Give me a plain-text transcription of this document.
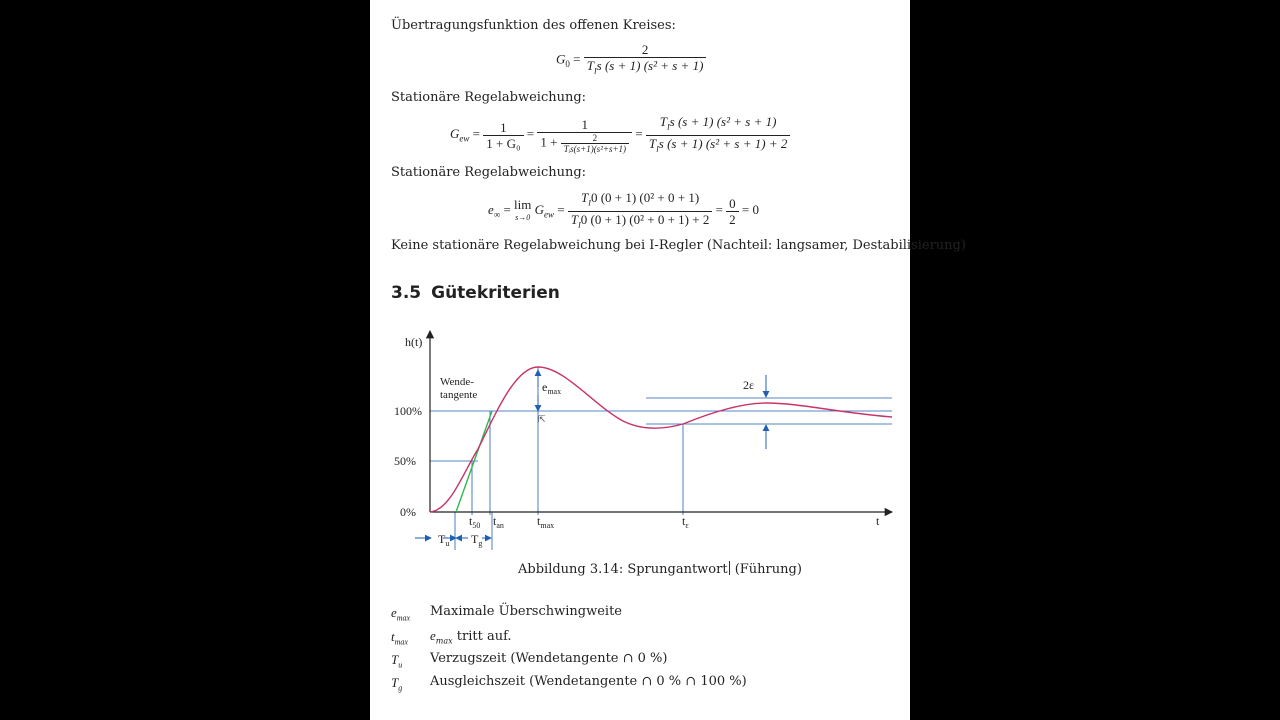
Übertragungsfunktion des offenen Kreises:
$G_0 = \frac{2}{T_Is (s + 1) (s^2 + s + 1)}$
Stationäre Regelabweichung:
$G_{ew} = \frac{1}{\text{1 + G₀}} = \frac{1}{1 + \frac{2}{\text{Tᵢs(s+1)(s²+s+1)}}} = \frac{T_Is (s + 1) (s^2 + s + 1)}{T_Is (s + 1) (s^2 + s + 1) + 2}$
Stationäre Regelabweichung:
$e_\infty = \lim$
s→0 $G_{ew} = \frac{T_I0 (0 + 1) (0^2 + 0 + 1)}{T_I0 (0 + 1) (0^2 + 0 + 1) + 2} = \frac{0}{2} = 0$
Keine stationäre Regelabweichung bei I-Regler (Nachteil: langsamer, Destabilisierung)
3.5 Gütekriterien
⇱
h(t)
t
100%
50%
0%
Wende-
tangente
$e_{max}$	2ε
$t_{50}$ $t_{an}$	$t_{max}$	$t_\varepsilon$
$T_u$ $T_g$
Abbildung 3.14: Sprungantwort (Führung)
$e_{max}$ Maximale Überschwingweite
$t_{max}$ $e_{max}$ tritt auf.
$T_u$ Verzugszeit (Wendetangente ∩ 0 %)
$T_g$ Ausgleichszeit (Wendetangente ∩ 0 % ∩ 100 %)
